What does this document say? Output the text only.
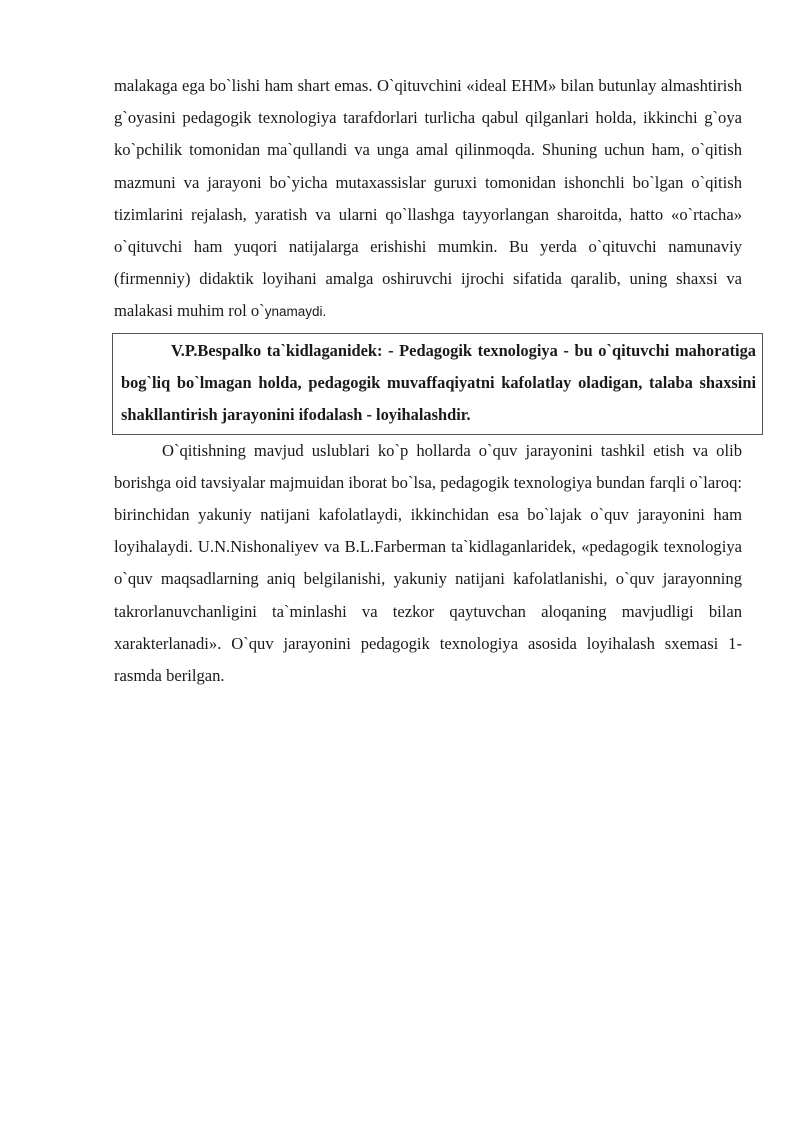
malakaga ega bo`lishi ham shart emas. O`qituvchini «ideal EHM» bilan butunlay almashtirish g`oyasini pedagogik texnologiya tarafdorlari turlicha qabul qilganlari holda, ikkinchi g`oya ko`pchilik tomonidan ma`qullandi va unga amal qilinmoqda. Shuning uchun ham, o`qitish mazmuni va jarayoni bo`yicha mutaxassislar guruxi tomonidan ishonchli bo`lgan o`qitish tizimlarini rejalash, yaratish va ularni qo`llashga tayyorlangan sharoitda, hatto «o`rtacha» o`qituvchi ham yuqori natijalarga erishishi mumkin. Bu yerda o`qituvchi namunaviy (firmenniy) didaktik loyihani amalga oshiruvchi ijrochi sifatida qaralib, uning shaxsi va malakasi muhim rol o`ynamaydi.

V.P.Bespalko ta`kidlaganidek: - Pedagogik texnologiya - bu o`qituvchi mahoratiga bog`liq bo`lmagan holda, pedagogik muvaffaqiyatni kafolatlay oladigan, talaba shaxsini shakllantirish jarayonini ifodalash - loyihalashdir.

O`qitishning mavjud uslublari ko`p hollarda o`quv jarayonini tashkil etish va olib borishga oid tavsiyalar majmuidan iborat bo`lsa, pedagogik texnologiya bundan farqli o`laroq: birinchidan yakuniy natijani kafolatlaydi, ikkinchidan esa bo`lajak o`quv jarayonini ham loyihalaydi. U.N.Nishonaliyev va B.L.Farberman ta`kidlaganlaridek, «pedagogik texnologiya o`quv maqsadlarning aniq belgilanishi, yakuniy natijani kafolatlanishi, o`quv jarayonning takrorlanuvchanligini ta`minlashi va tezkor qaytuvchan aloqaning mavjudligi bilan xarakterlanadi». O`quv jarayonini pedagogik texnologiya asosida loyihalash sxemasi 1-rasmda berilgan.
